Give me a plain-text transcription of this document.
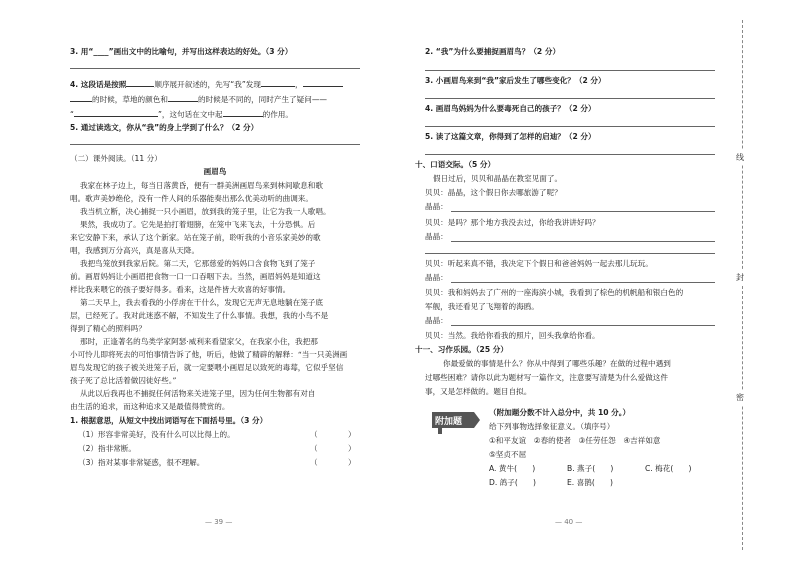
3. 用“____”画出文中的比喻句，并写出这样表达的好处。（3 分）
4. 这段话是按照	顺序展开叙述的，先写“我”发现	，
的时候，草地的颜色和	的时候是不同的，同时产生了疑问——
“	”，这句话在文中起	的作用。
5. 通过读选文，你从“我”的身上学到了什么？（2 分）
（二）课外阅读。（11 分）
画眉鸟
我家在林子边上，每当日落黄昏，便有一群美洲画眉鸟来到林间歇息和歌
唱。歌声美妙绝伦，没有一件人间的乐器能奏出那么优美动听的曲调来。
我当机立断，决心捕捉一只小画眉，放到我的笼子里，让它为我一人歌唱。
果然，我成功了。它先是拍打着翅膀，在笼中飞来飞去，十分恐惧。后
来它安静下来，承认了这个新家。站在笼子前，聆听我的小音乐家美妙的歌
唱，我感到万分高兴，真是喜从天降。
我把鸟笼放到我家后院。第二天，它那慈爱的妈妈口含食物飞到了笼子
前。画眉妈妈让小画眉把食物一口一口吞咽下去。当然，画眉妈妈是知道这
样比我来喂它的孩子要好得多。看来，这是件皆大欢喜的好事情。
第二天早上，我去看我的小俘虏在干什么，发现它无声无息地躺在笼子底
层，已经死了。我对此迷惑不解，不知发生了什么事情。我想，我的小鸟不是
得到了精心的照料吗？
那时，正逢著名的鸟类学家阿瑟·威利来看望家父，在我家小住，我把那
小可怜儿即将死去的可怕事情告诉了他，听后，他做了精辟的解释：“当一只美洲画
眉鸟发现它的孩子被关进笼子后，就一定要喂小画眉足以致死的毒莓，它似乎坚信
孩子死了总比活着做囚徒好些。”
从此以后我再也不捕捉任何活物来关进笼子里，因为任何生物都有对自
由生活的追求，而这种追求又是最值得赞赏的。
1. 根据意思，从短文中找出词语写在下面括号里。（3 分）
（1）形容非常美好，没有什么可以比得上的。	（　　　　）
（2）指非常断。	（　　　　）
（3）指对某事非常疑惑，很不理解。	（　　　　）
— 39 —
2. “我”为什么要捕捉画眉鸟？（2 分）
3. 小画眉鸟来到“我”家后发生了哪些变化？（2 分）
4. 画眉鸟妈妈为什么要毒死自己的孩子？（2 分）
5. 读了这篇文章，你得到了怎样的启迪？（2 分）
十、口语交际。（5 分）
假日过后，贝贝和晶晶在教室见面了。
贝贝：晶晶，这个假日你去哪旅游了呢？
晶晶：
贝贝：是吗？那个地方我没去过，你给我讲讲好吗？
晶晶：
贝贝：听起来真不错，我决定下个假日和爸爸妈妈一起去那儿玩玩。
晶晶：
贝贝：我和妈妈去了广州的一座海滨小城，我看到了棕色的机帆船和银白色的
军舰，我还看见了飞翔着的海鸥。
晶晶：
贝贝：当然。我给你看我的照片，回头我拿给你看。
十一、习作乐园。（25 分）
你最爱做的事情是什么？你从中得到了哪些乐趣？在做的过程中遇到
过哪些困难？请你以此为题材写一篇作文，注意要写清楚为什么爱做这件
事，又是怎样做的。题目自拟。
（附加题分数不计入总分中，共 10 分。）
给下列事物选择象征意义。（填序号）
①和平友谊　②春的使者　③任劳任怨　④吉祥如意
⑤坚贞不屈
A. 黄牛(　　)	B. 燕子(　　)	C. 梅花(　　)
D. 鸽子(　　)	E. 喜鹊(　　)
— 40 —
附加题
线
封
密
